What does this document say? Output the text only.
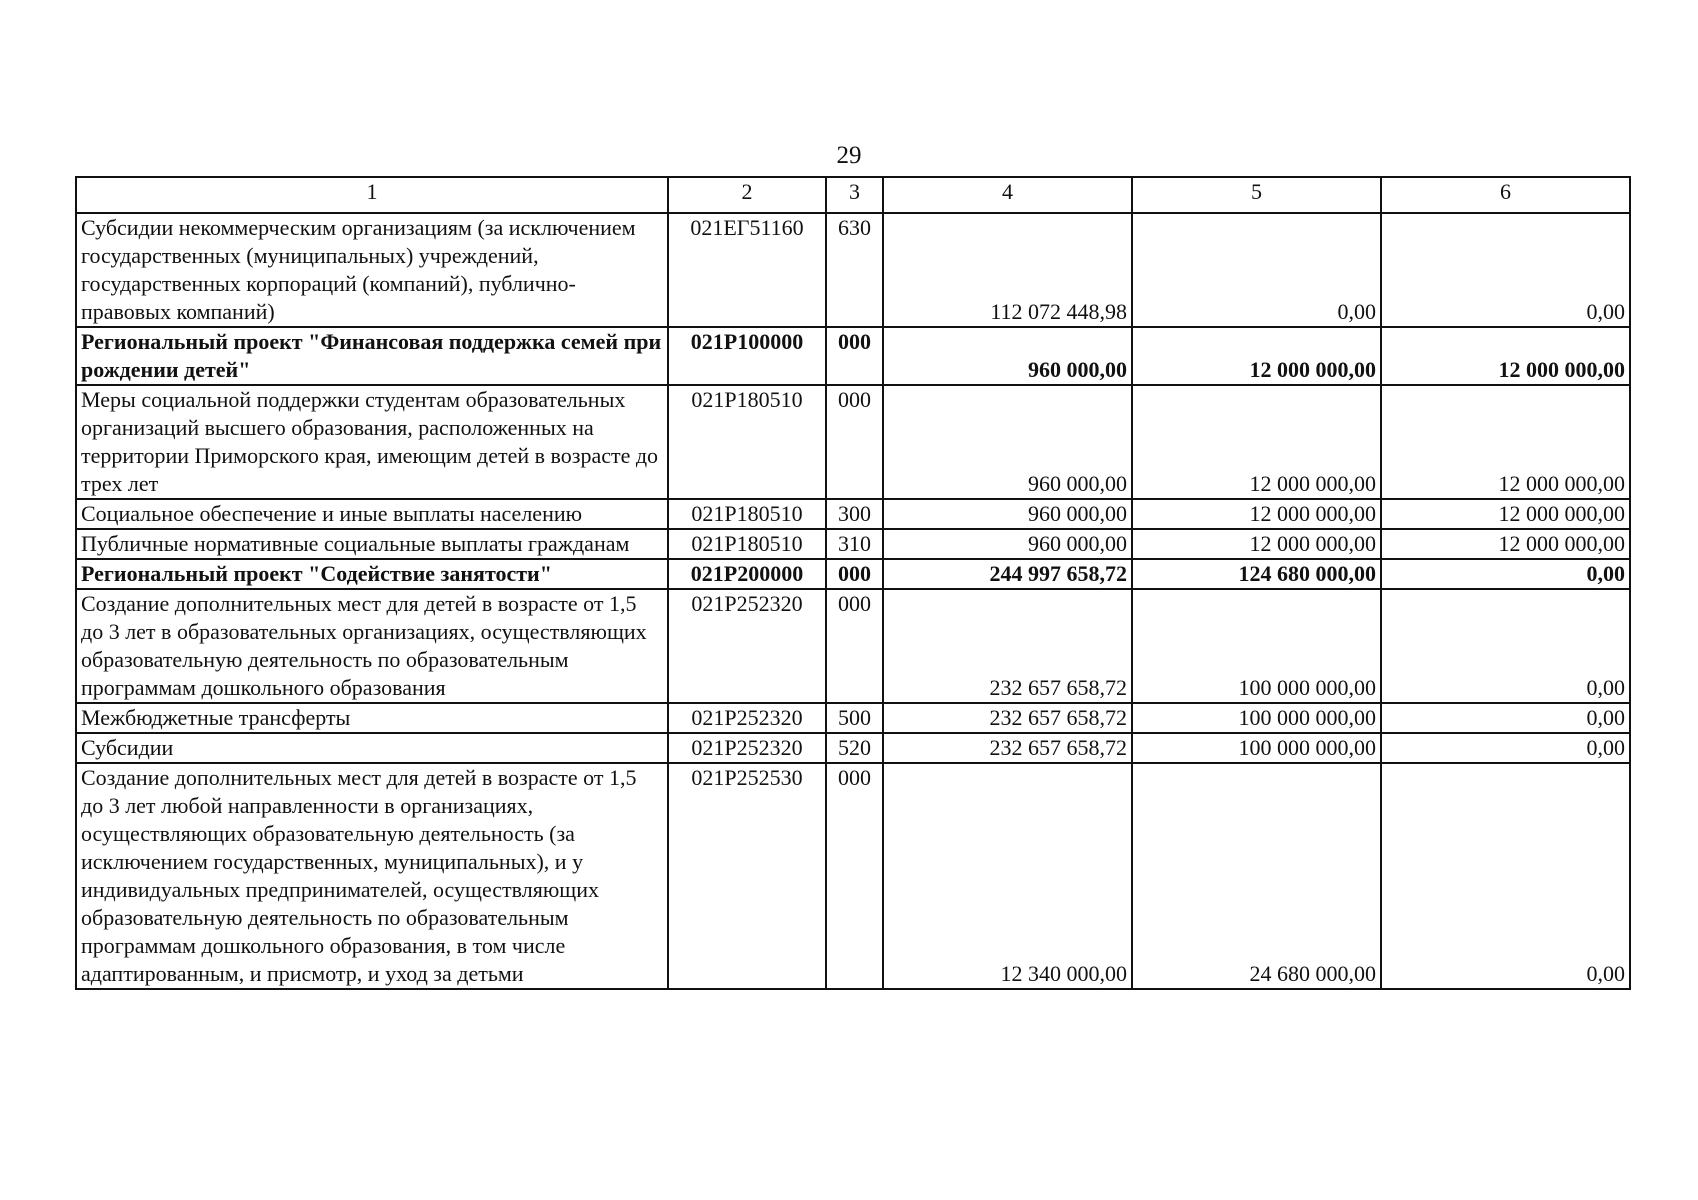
29
1	2	3	4	5	6
Субсидии некоммерческим организациям (за исключением государственных (муниципальных) учреждений, государственных корпораций (компаний), публично-правовых компаний)	021ЕГ51160	630	112 072 448,98	0,00	0,00
Региональный проект "Финансовая поддержка семей при рождении детей"	021P100000	000	960 000,00	12 000 000,00	12 000 000,00
Меры социальной поддержки студентам образовательных организаций высшего образования, расположенных на территории Приморского края, имеющим детей в возрасте до трех лет	021P180510	000	960 000,00	12 000 000,00	12 000 000,00
Социальное обеспечение и иные выплаты населению	021P180510	300	960 000,00	12 000 000,00	12 000 000,00
Публичные нормативные социальные выплаты гражданам	021P180510	310	960 000,00	12 000 000,00	12 000 000,00
Региональный проект "Содействие занятости"	021P200000	000	244 997 658,72	124 680 000,00	0,00
Создание дополнительных мест для детей в возрасте от 1,5 до 3 лет в образовательных организациях, осуществляющих образовательную деятельность по образовательным программам дошкольного образования	021P252320	000	232 657 658,72	100 000 000,00	0,00
Межбюджетные трансферты	021P252320	500	232 657 658,72	100 000 000,00	0,00
Субсидии	021P252320	520	232 657 658,72	100 000 000,00	0,00
Создание дополнительных мест для детей в возрасте от 1,5 до 3 лет любой направленности в организациях, осуществляющих образовательную деятельность (за исключением государственных, муниципальных), и у индивидуальных предпринимателей, осуществляющих образовательную деятельность по образовательным программам дошкольного образования, в том числе адаптированным, и присмотр, и уход за детьми	021P252530	000	12 340 000,00	24 680 000,00	0,00
